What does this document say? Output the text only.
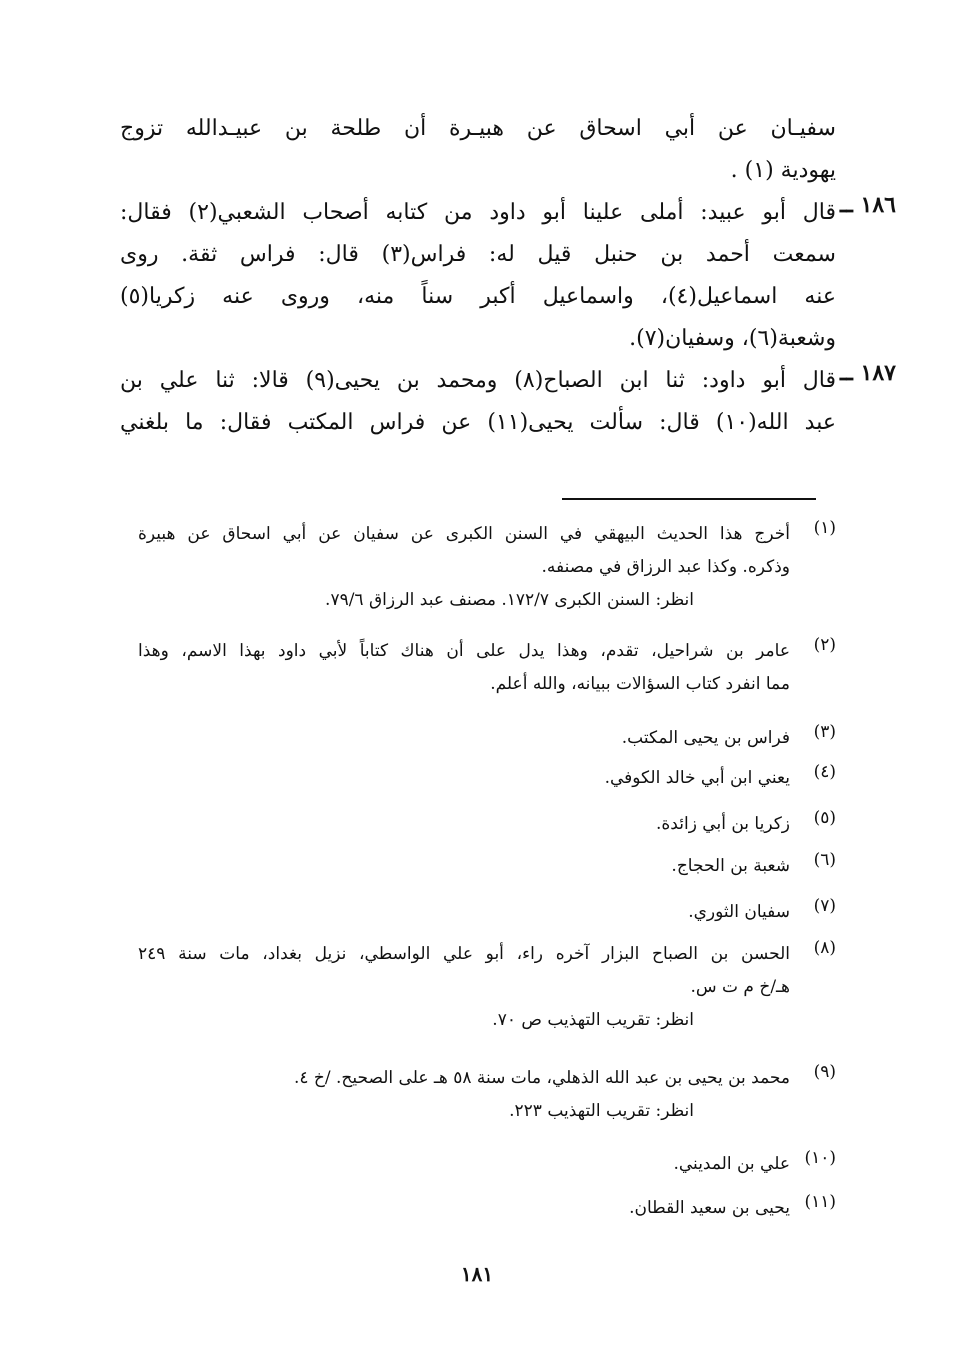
سفيـان عن أبي اسحاق عن هبيـرة أن طلحة بن عبيـدالله تزوج
يهودية (١) .
١٨٦ ــ
قال أبو عبيد: أملى علينا أبو داود من كتابه أصحاب الشعبي(٢) فقال:
سمعت أحمد بن حنبل قيل له: فراس(٣) قال: فراس ثقة. روى
عنه اسماعيل(٤)، واسماعيل أكبر سناً منه، وروى عنه زكريا(٥)
وشعبة(٦)، وسفيان(٧).
١٨٧ ــ
قال أبو داود: ثنا ابن الصباح(٨) ومحمد بن يحيى(٩) قالا: ثنا علي بن
عبد الله(١٠) قال: سألت يحيى(١١) عن فراس المكتب فقال: ما بلغني
(١)
أخرج هذا الحديث البيهقي في السنن الكبرى عن سفيان عن أبي اسحاق عن هبيرة
وذكره. وكذا عبد الرزاق في مصنفه.
انظر: السنن الكبرى ١٧٢/٧. مصنف عبد الرزاق ٧٩/٦.
(٢)
عامر بن شراحيل، تقدم، وهذا يدل على أن هناك كتاباً لأبي داود بهذا الاسم، وهذا
مما انفرد كتاب السؤالات ببيانه، والله أعلم.
(٣)
فراس بن يحيى المكتب.
(٤)
يعني ابن أبي خالد الكوفي.
(٥)
زكريا بن أبي زائدة.
(٦)
شعبة بن الحجاج.
(٧)
سفيان الثوري.
(٨)
الحسن بن الصباح البزار آخره راء، أبو علي الواسطي، نزيل بغداد، مات سنة ٢٤٩
هـ/خ م ت س.
انظر: تقريب التهذيب ص ٧٠.
(٩)
محمد بن يحيى بن عبد الله الذهلي، مات سنة ٥٨ هـ على الصحيح. /خ ٤.
انظر: تقريب التهذيب ٢٢٣.
(١٠)
علي بن المديني.
(١١)
يحيى بن سعيد القطان.
١٨١
